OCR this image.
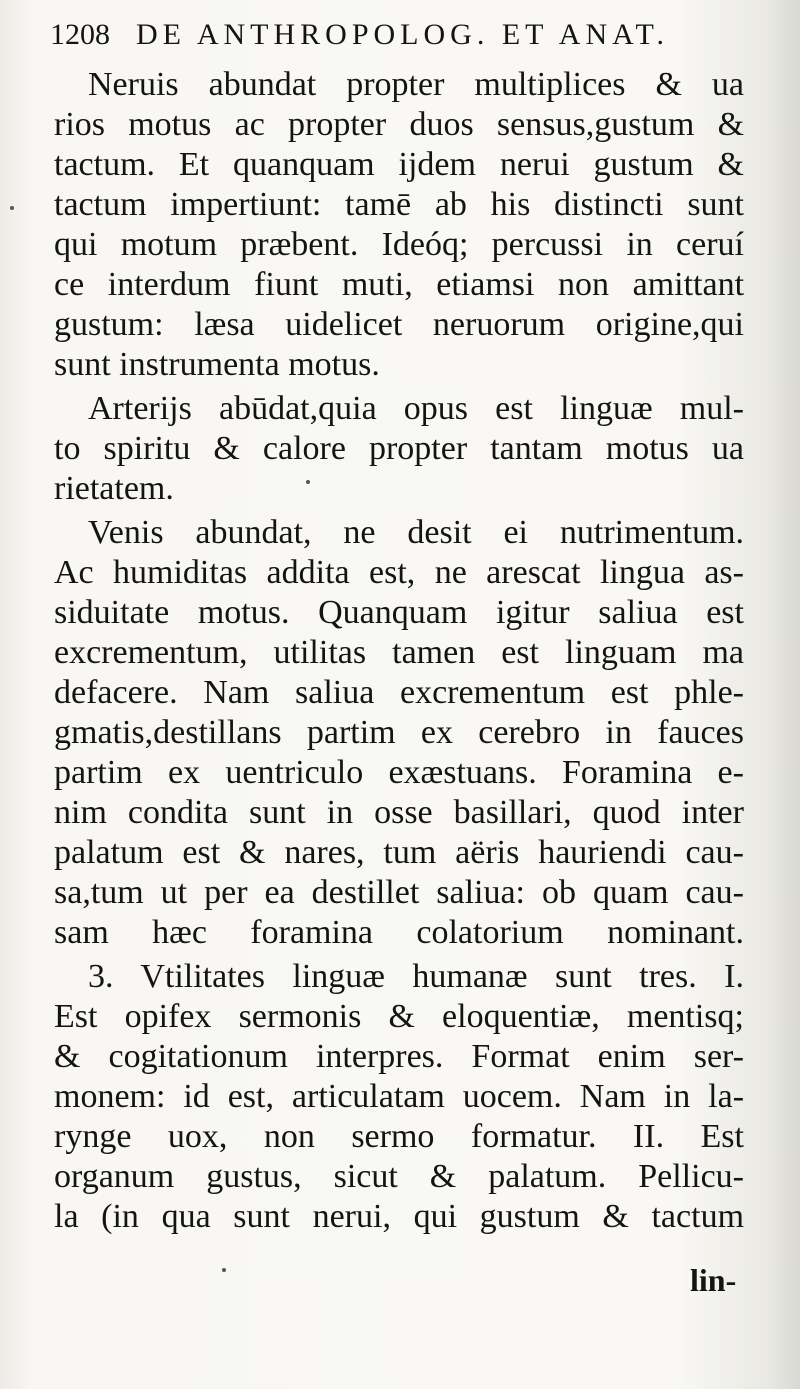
1208 DE ANTHROPOLOG. ET ANAT.
Neruis abundat propter multiplices & ua
rios motus ac propter duos sensus,gustum &
tactum. Et quanquam ijdem nerui gustum &
tactum impertiunt: tamē ab his distincti sunt
qui motum præbent. Ideóq; percussi in ceruí
ce interdum fiunt muti, etiamsi non amittant
gustum: læsa uidelicet neruorum origine,qui
sunt instrumenta motus.
Arterijs abūdat,quia opus est linguæ mul-
to spiritu & calore propter tantam motus ua
rietatem.
Venis abundat, ne desit ei nutrimentum.
Ac humiditas addita est, ne arescat lingua as-
siduitate motus. Quanquam igitur saliua est
excrementum, utilitas tamen est linguam ma
defacere. Nam saliua excrementum est phle-
gmatis,destillans partim ex cerebro in fauces
partim ex uentriculo exæstuans. Foramina e-
nim condita sunt in osse basillari, quod inter
palatum est & nares, tum aëris hauriendi cau-
sa,tum ut per ea destillet saliua: ob quam cau-
sam hæc foramina colatorium nominant.
3. Vtilitates linguæ humanæ sunt tres. I.
Est opifex sermonis & eloquentiæ, mentisq;
& cogitationum interpres. Format enim ser-
monem: id est, articulatam uocem. Nam in la-
rynge uox, non sermo formatur. II. Est
organum gustus, sicut & palatum. Pellicu-
la (in qua sunt nerui, qui gustum & tactum
lin-
